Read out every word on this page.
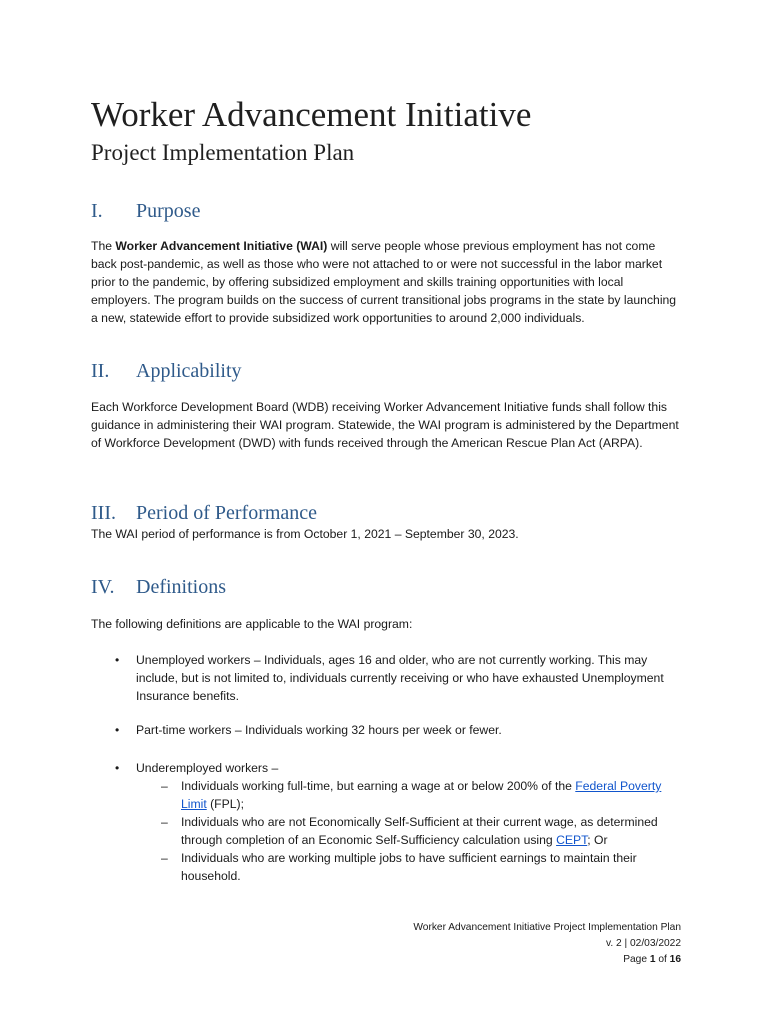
Worker Advancement Initiative
Project Implementation Plan
I. Purpose

The Worker Advancement Initiative (WAI) will serve people whose previous employment has not come back post-pandemic, as well as those who were not attached to or were not successful in the labor market prior to the pandemic, by offering subsidized employment and skills training opportunities with local employers. The program builds on the success of current transitional jobs programs in the state by launching a new, statewide effort to provide subsidized work opportunities to around 2,000 individuals.

II. Applicability

Each Workforce Development Board (WDB) receiving Worker Advancement Initiative funds shall follow this guidance in administering their WAI program. Statewide, the WAI program is administered by the Department of Workforce Development (DWD) with funds received through the American Rescue Plan Act (ARPA).

III. Period of Performance

The WAI period of performance is from October 1, 2021 – September 30, 2023.

IV. Definitions

The following definitions are applicable to the WAI program:

• Unemployed workers – Individuals, ages 16 and older, who are not currently working. This may include, but is not limited to, individuals currently receiving or who have exhausted Unemployment Insurance benefits.
• Part-time workers – Individuals working 32 hours per week or fewer.
• Underemployed workers –
– Individuals working full-time, but earning a wage at or below 200% of the Federal Poverty Limit (FPL);
– Individuals who are not Economically Self-Sufficient at their current wage, as determined through completion of an Economic Self-Sufficiency calculation using CEPT; Or
– Individuals who are working multiple jobs to have sufficient earnings to maintain their household.
Worker Advancement Initiative Project Implementation Plan
v. 2 | 02/03/2022
Page 1 of 16
